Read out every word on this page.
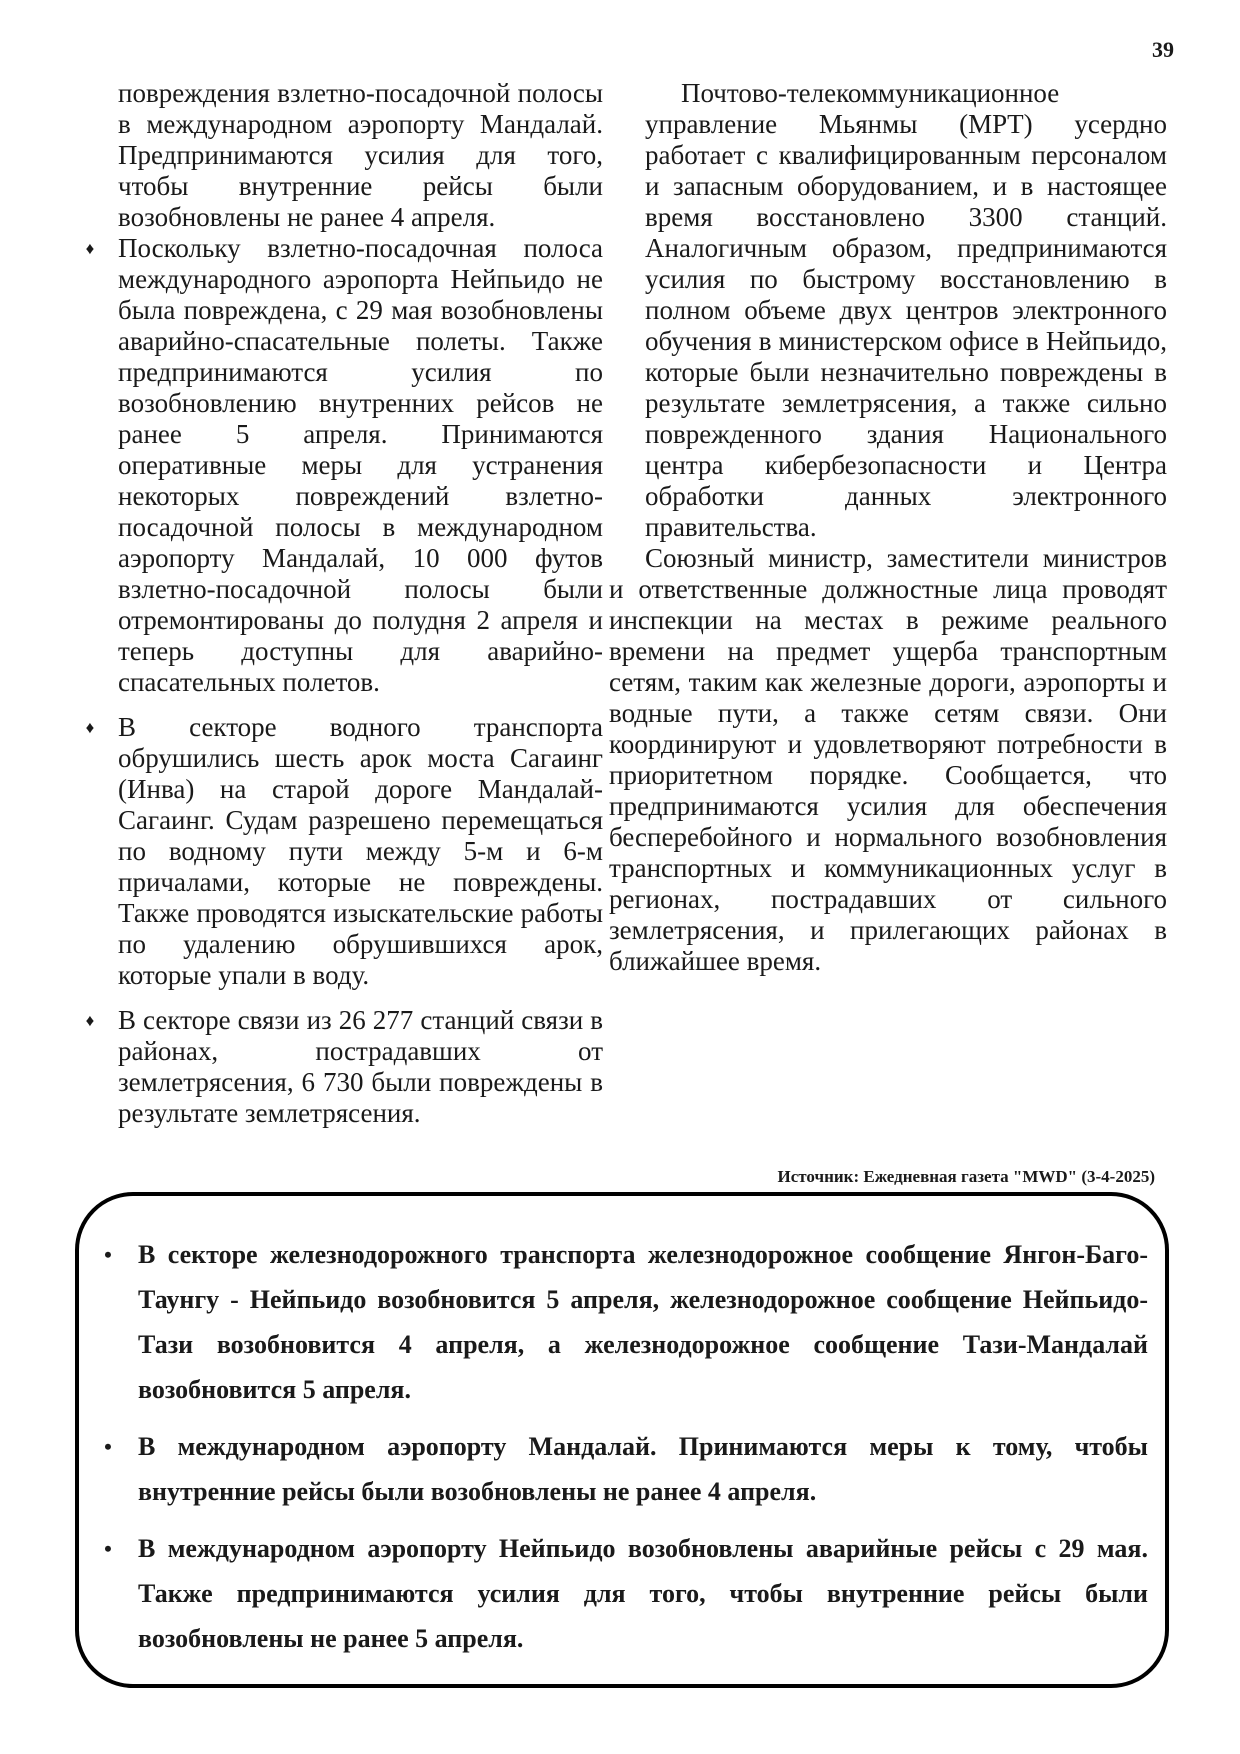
39

повреждения взлетно-посадочной полосы в международном аэропорту Мандалай. Предпринимаются усилия для того, чтобы внутренние рейсы были возобновлены не ранее 4 апреля.

♦ Поскольку взлетно-посадочная полоса международного аэропорта Нейпьидо не была повреждена, с 29 мая возобновлены аварийно-спасательные полеты. Также предпринимаются усилия по возобновлению внутренних рейсов не ранее 5 апреля. Принимаются оперативные меры для устранения некоторых повреждений взлетно-посадочной полосы в международном аэропорту Мандалай, 10 000 футов взлетно-посадочной полосы были отремонтированы до полудня 2 апреля и теперь доступны для аварийно-спасательных полетов.

♦ В секторе водного транспорта обрушились шесть арок моста Сагаинг (Инва) на старой дороге Мандалай-Сагаинг. Судам разрешено перемещаться по водному пути между 5-м и 6-м причалами, которые не повреждены. Также проводятся изыскательские работы по удалению обрушившихся арок, которые упали в воду.

♦ В секторе связи из 26 277 станций связи в районах, пострадавших от землетрясения, 6 730 были повреждены в результате землетрясения.

Почтово-телекоммуникационное управление Мьянмы (MPT) усердно работает с квалифицированным персоналом и запасным оборудованием, и в настоящее время восстановлено 3300 станций. Аналогичным образом, предпринимаются усилия по быстрому восстановлению в полном объеме двух центров электронного обучения в министерском офисе в Нейпьидо, которые были незначительно повреждены в результате землетрясения, а также сильно поврежденного здания Национального центра кибербезопасности и Центра обработки данных электронного правительства.

Союзный министр, заместители министров и ответственные должностные лица проводят инспекции на местах в режиме реального времени на предмет ущерба транспортным сетям, таким как железные дороги, аэропорты и водные пути, а также сетям связи. Они координируют и удовлетворяют потребности в приоритетном порядке. Сообщается, что предпринимаются усилия для обеспечения бесперебойного и нормального возобновления транспортных и коммуникационных услуг в регионах, пострадавших от сильного землетрясения, и прилегающих районах в ближайшее время.

Источник: Ежедневная газета "MWD" (3-4-2025)
• В секторе железнодорожного транспорта железнодорожное сообщение Янгон-Баго-Таунгу - Нейпьидо возобновится 5 апреля, железнодорожное сообщение Нейпьидо-Тази возобновится 4 апреля, а железнодорожное сообщение Тази-Мандалай возобновится 5 апреля.
• В международном аэропорту Мандалай. Принимаются меры к тому, чтобы внутренние рейсы были возобновлены не ранее 4 апреля.
• В международном аэропорту Нейпьидо возобновлены аварийные рейсы с 29 мая. Также предпринимаются усилия для того, чтобы внутренние рейсы были возобновлены не ранее 5 апреля.
